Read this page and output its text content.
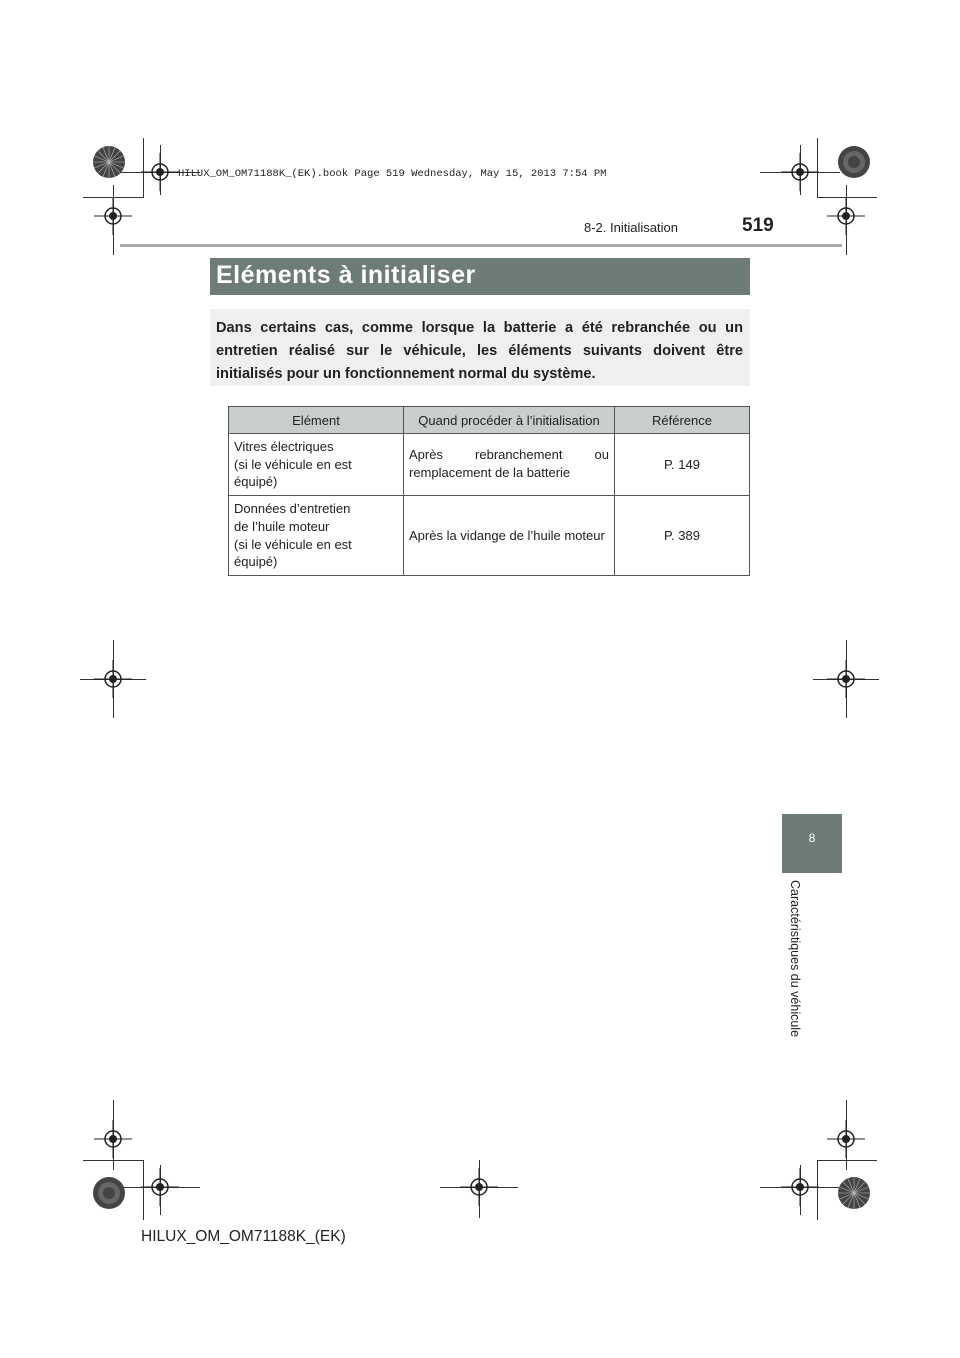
HILUX_OM_OM71188K_(EK).book Page 519 Wednesday, May 15, 2013 7:54 PM
8-2. Initialisation	519
Eléments à initialiser
Dans certains cas, comme lorsque la batterie a été rebranchée ou un entretien réalisé sur le véhicule, les éléments suivants doivent être initialisés pour un fonctionnement normal du système.
Elément	Quand procéder à l’initialisation	Référence

Vitres électriques
(si le véhicule en est
équipé)	Après rebranchement ou remplacement de la batterie	P. 149

Données d’entretien
de l’huile moteur
(si le véhicule en est
équipé)	Après la vidange de l’huile moteur	P. 389
8
Caractéristiques du véhicule
HILUX_OM_OM71188K_(EK)
